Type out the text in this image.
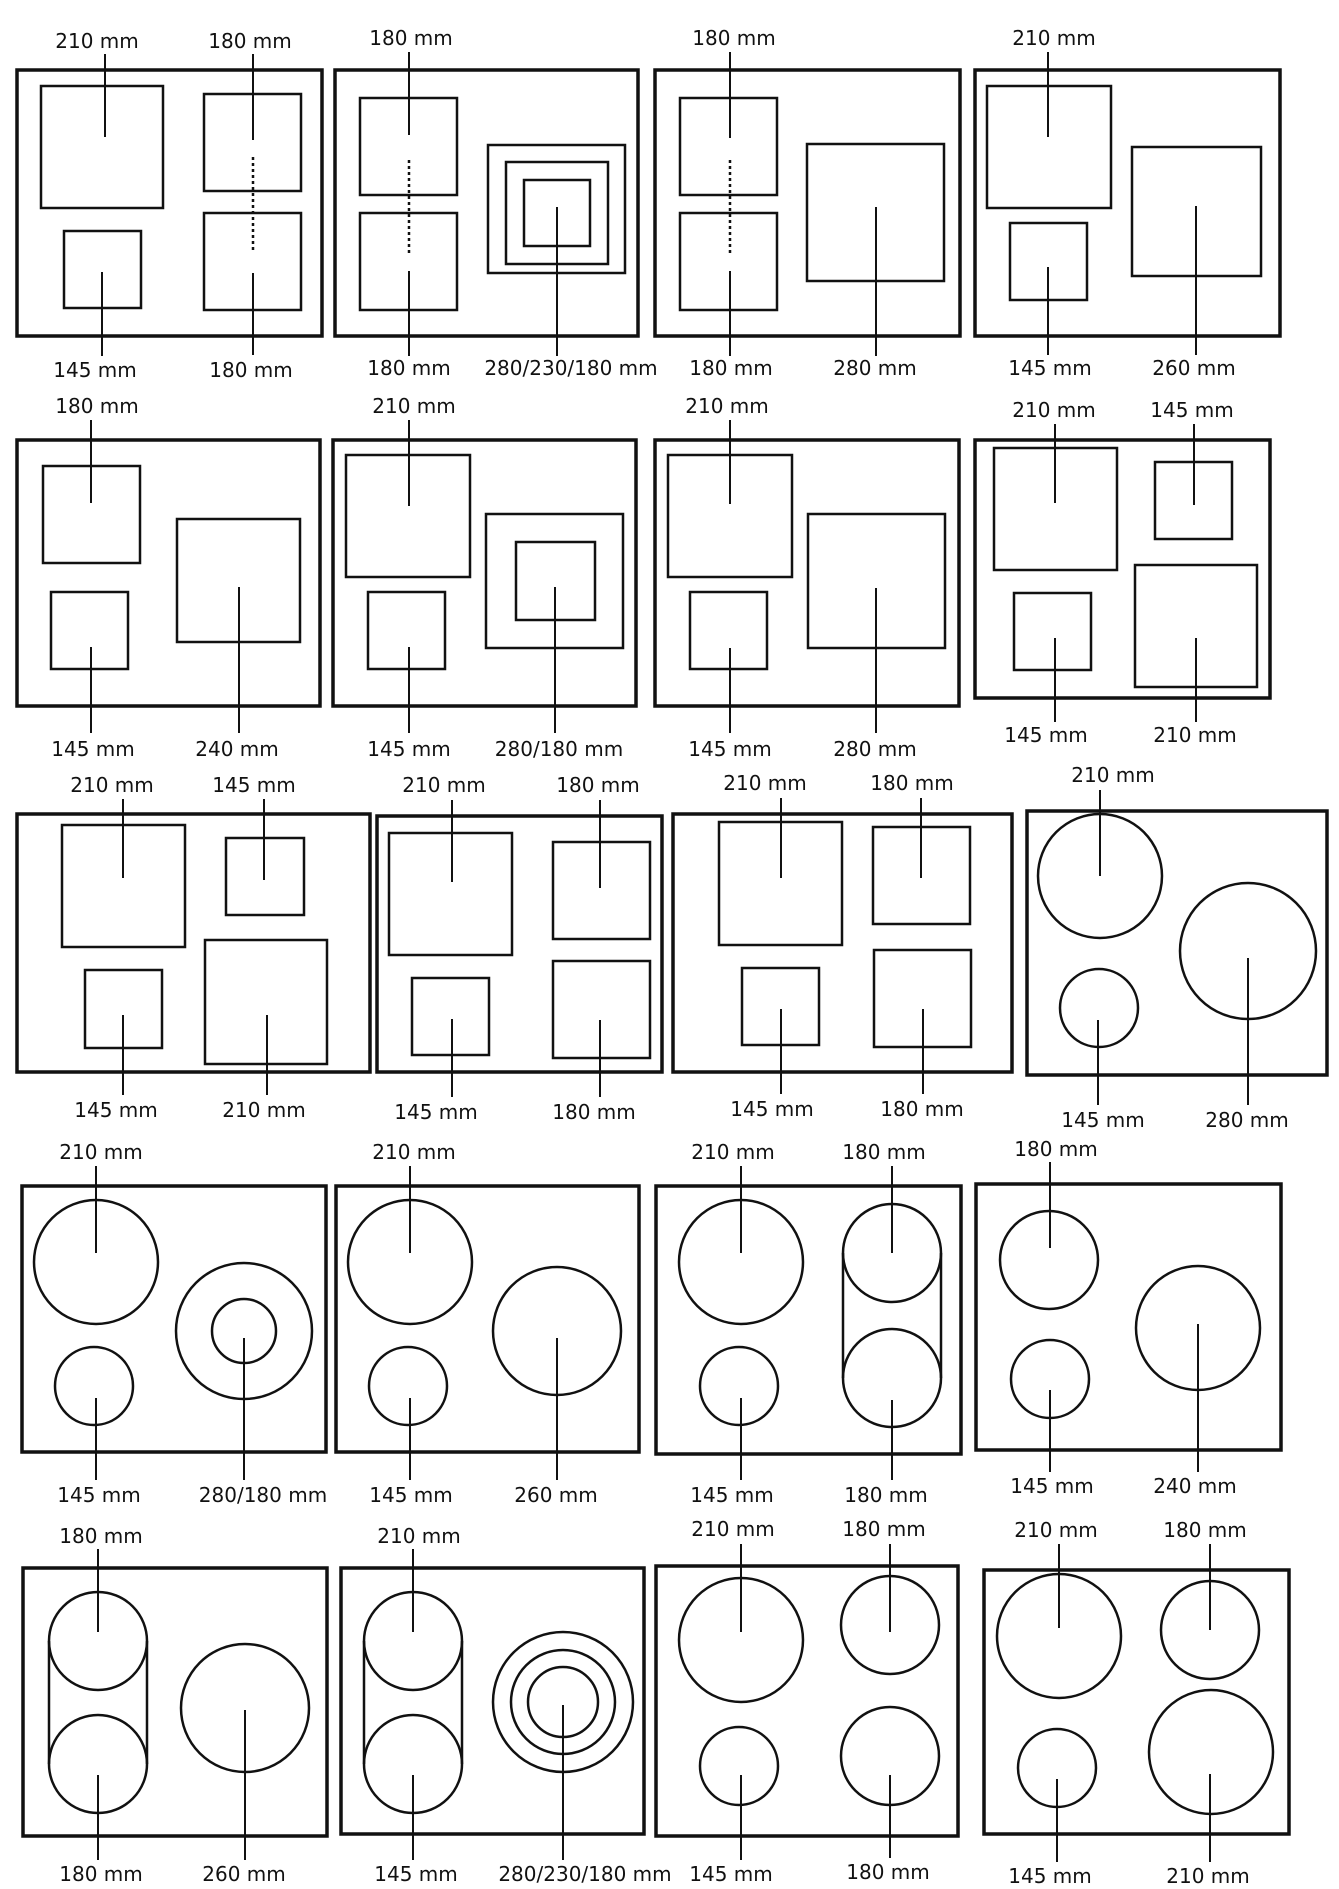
210 mm	180 mm
145 mm	180 mm
180 mm
180 mm 280/230/180 mm
180 mm
180 mm	280 mm
210 mm
145 mm	260 mm
180 mm
145 mm	240 mm
210 mm
145 mm 280/180 mm
210 mm
145 mm	280 mm
210 mm	145 mm
145 mm	210 mm
210 mm	145 mm
145 mm	210 mm
210 mm	180 mm
145 mm	180 mm
210 mm	180 mm
145 mm	180 mm
210 mm
145 mm	280 mm
210 mm
145 mm	280/180 mm
210 mm
145 mm	260 mm
210 mm	180 mm
145 mm	180 mm
180 mm
145 mm	240 mm
180 mm
180 mm	260 mm
210 mm
145 mm 280/230/180 mm
210 mm	180 mm
145 mm	180 mm
210 mm	180 mm
145 mm	210 mm
